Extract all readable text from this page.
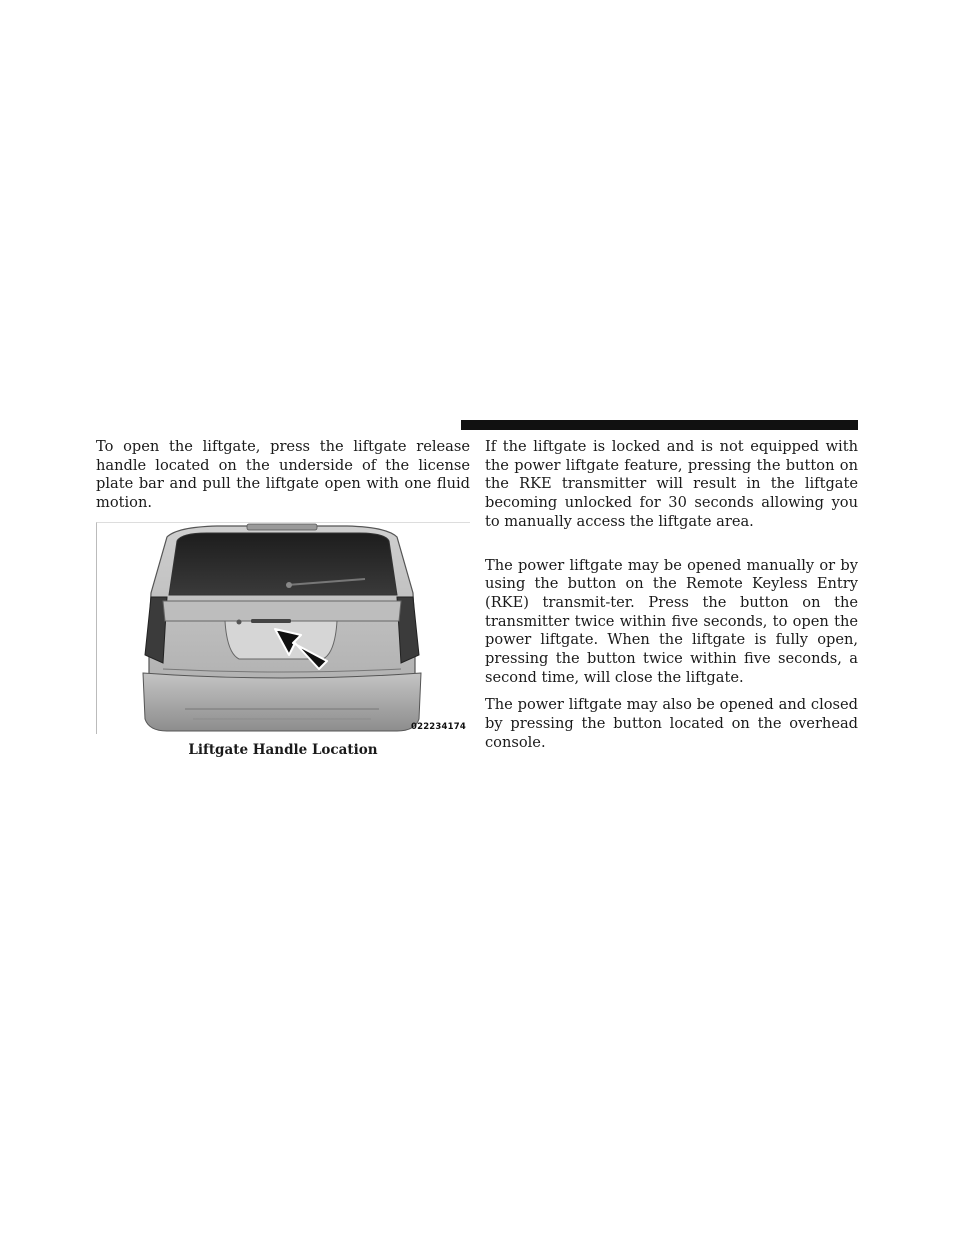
To open the liftgate, press the liftgate release handle located on the underside of the license plate bar and pull the liftgate open with one fluid motion.

022234174
Liftgate Handle Location

If the liftgate is locked and is not equipped with the power liftgate feature, pressing the button on the RKE transmitter will result in the liftgate becoming unlocked for 30 seconds allowing you to manually access the liftgate area.

The power liftgate may be opened manually or by using the button on the Remote Keyless Entry (RKE) transmit-ter. Press the button on the transmitter twice within five seconds, to open the power liftgate. When the liftgate is fully open, pressing the button twice within five seconds, a second time, will close the liftgate.

The power liftgate may also be opened and closed by pressing the button located on the overhead console.
